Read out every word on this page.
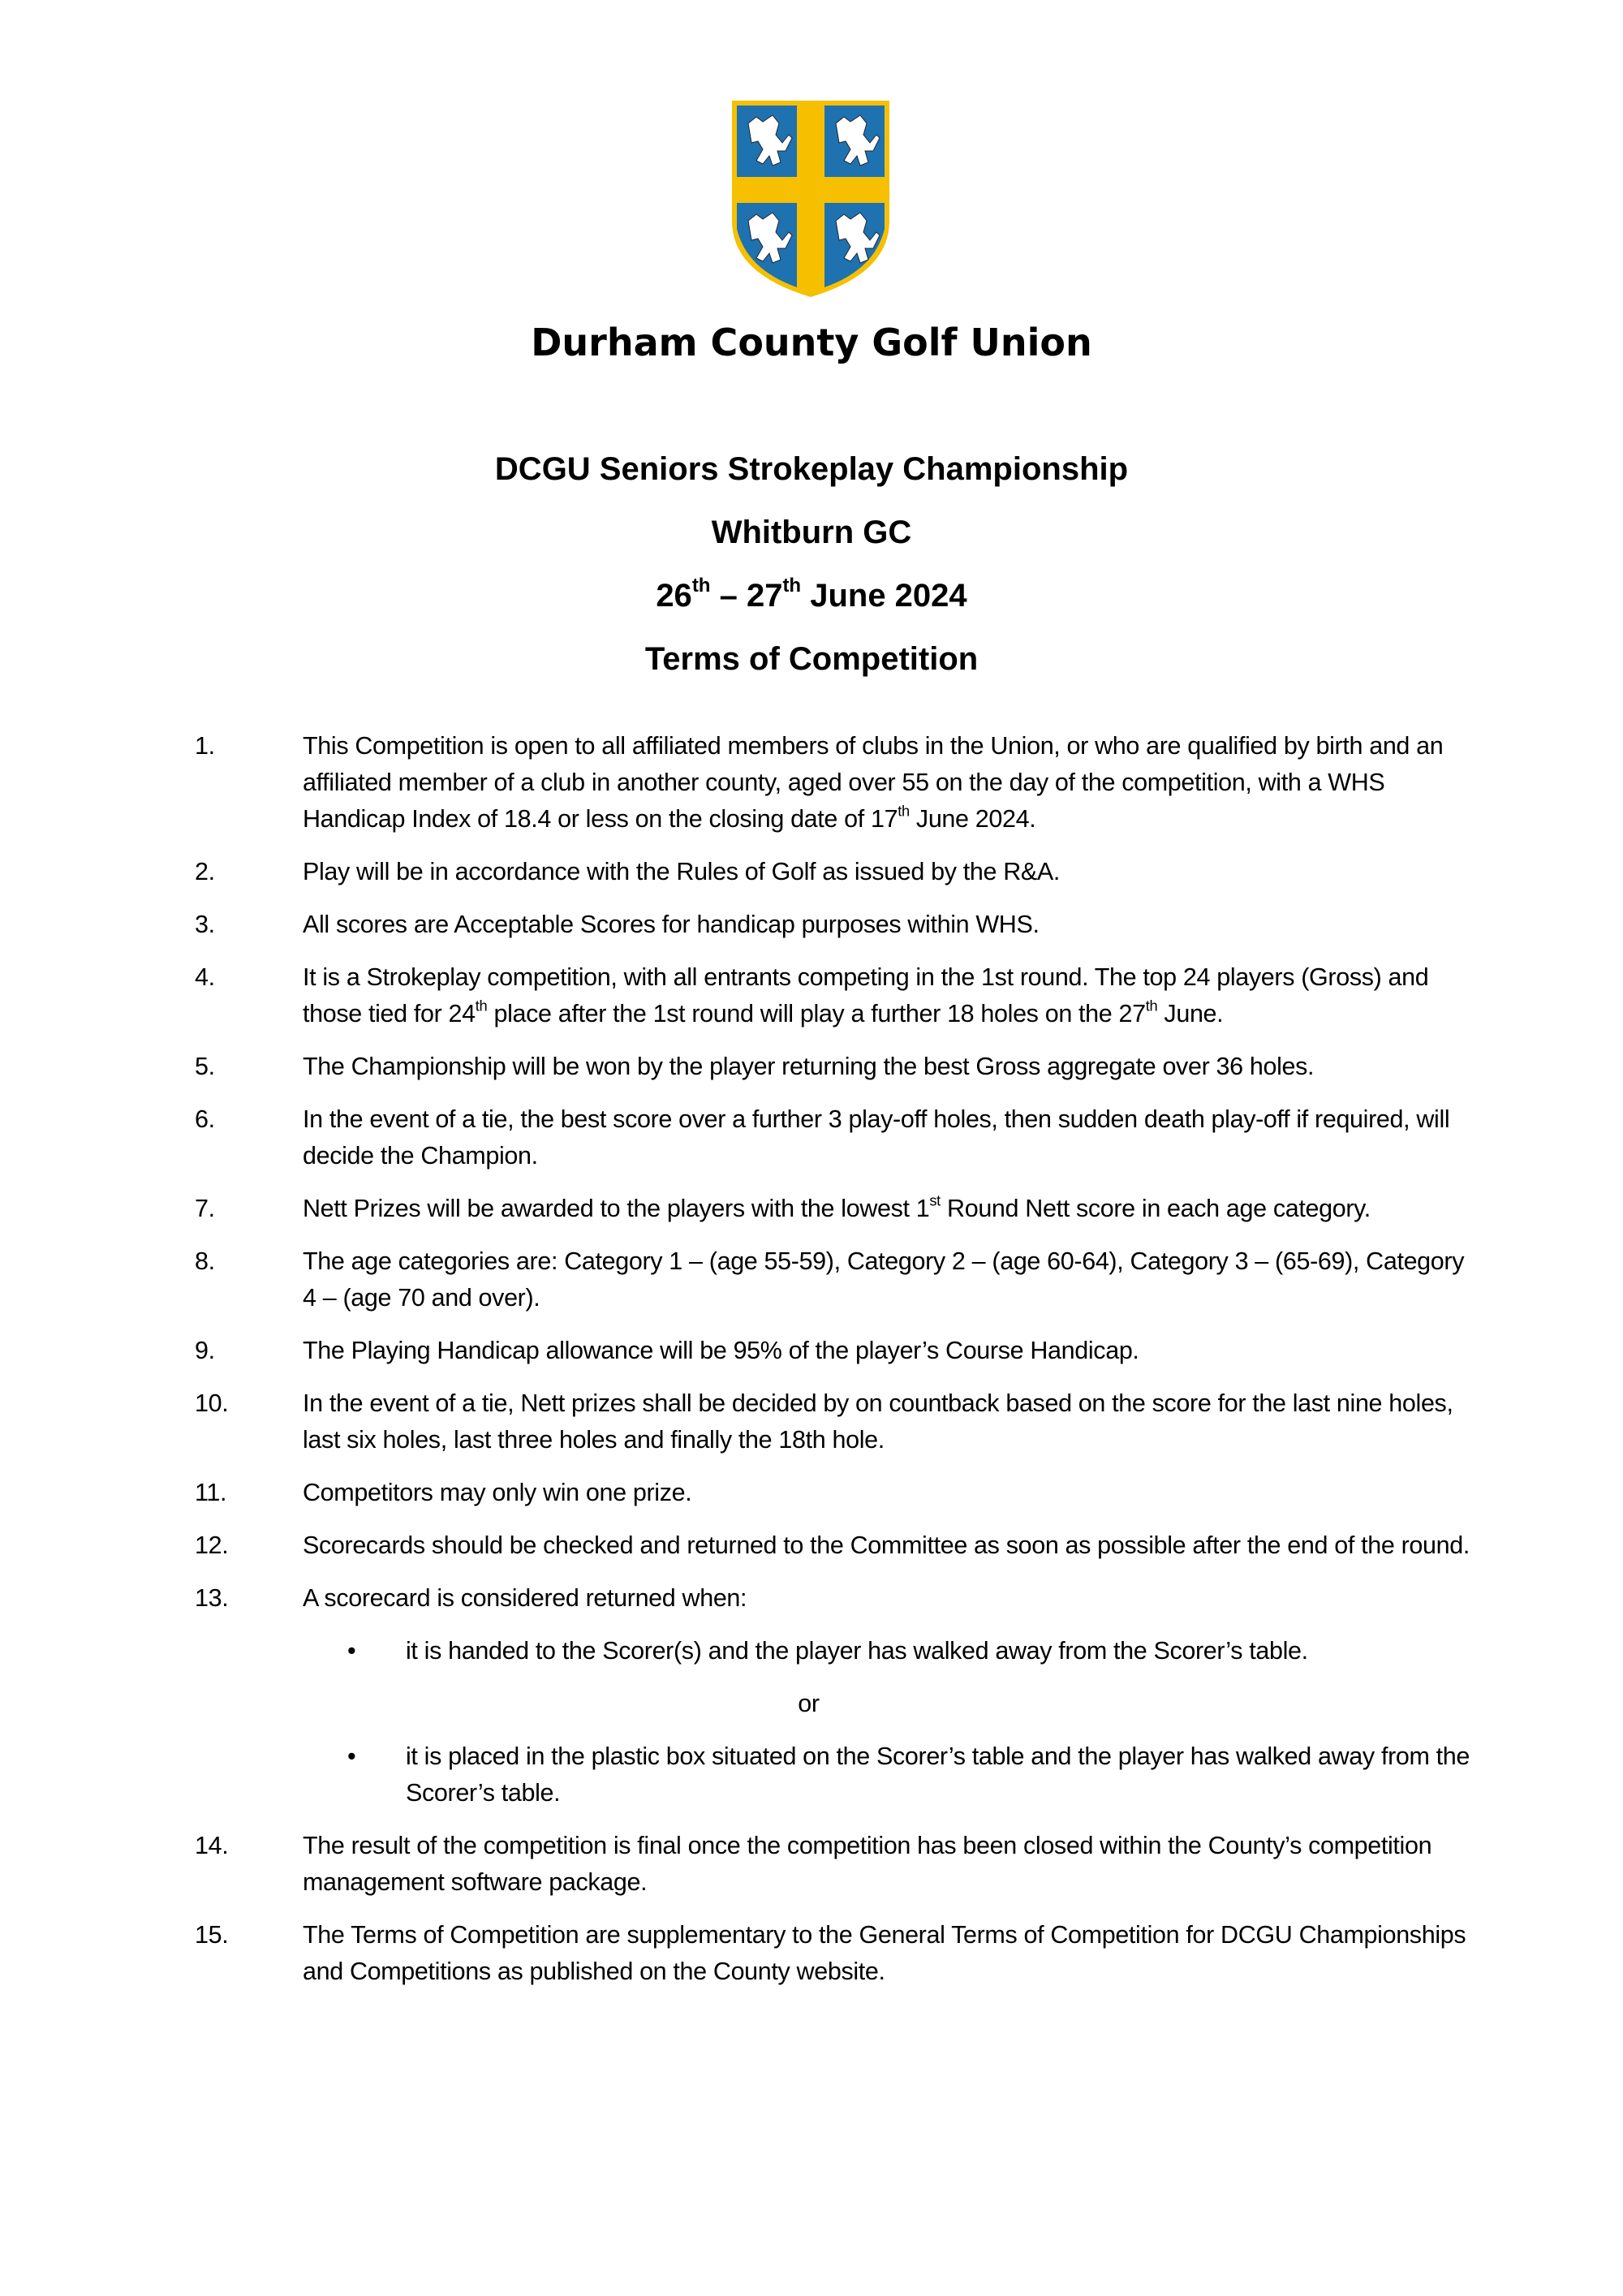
Durham County Golf Union
DCGU Seniors Strokeplay Championship
Whitburn GC
26th – 27th June 2024
Terms of Competition
1.	This Competition is open to all affiliated members of clubs in the Union, or who are qualified by birth and an affiliated member of a club in another county, aged over 55 on the day of the competition, with a WHS Handicap Index of 18.4 or less on the closing date of 17th June 2024.
2.	Play will be in accordance with the Rules of Golf as issued by the R&A.
3.	All scores are Acceptable Scores for handicap purposes within WHS.
4.	It is a Strokeplay competition, with all entrants competing in the 1st round. The top 24 players (Gross) and those tied for 24th place after the 1st round will play a further 18 holes on the 27th June.
5.	The Championship will be won by the player returning the best Gross aggregate over 36 holes.
6.	In the event of a tie, the best score over a further 3 play-off holes, then sudden death play-off if required, will decide the Champion.
7.	Nett Prizes will be awarded to the players with the lowest 1st Round Nett score in each age category.
8.	The age categories are: Category 1 – (age 55-59), Category 2 – (age 60-64), Category 3 – (65-69), Category 4 – (age 70 and over).
9.	The Playing Handicap allowance will be 95% of the player’s Course Handicap.
10.	In the event of a tie, Nett prizes shall be decided by on countback based on the score for the last nine holes, last six holes, last three holes and finally the 18th hole.
11.	Competitors may only win one prize.
12.	Scorecards should be checked and returned to the Committee as soon as possible after the end of the round.
13.	A scorecard is considered returned when:
•	it is handed to the Scorer(s) and the player has walked away from the Scorer’s table.
or
•	it is placed in the plastic box situated on the Scorer’s table and the player has walked away from the Scorer’s table.
14.	The result of the competition is final once the competition has been closed within the County’s competition management software package.
15.	The Terms of Competition are supplementary to the General Terms of Competition for DCGU Championships and Competitions as published on the County website.
